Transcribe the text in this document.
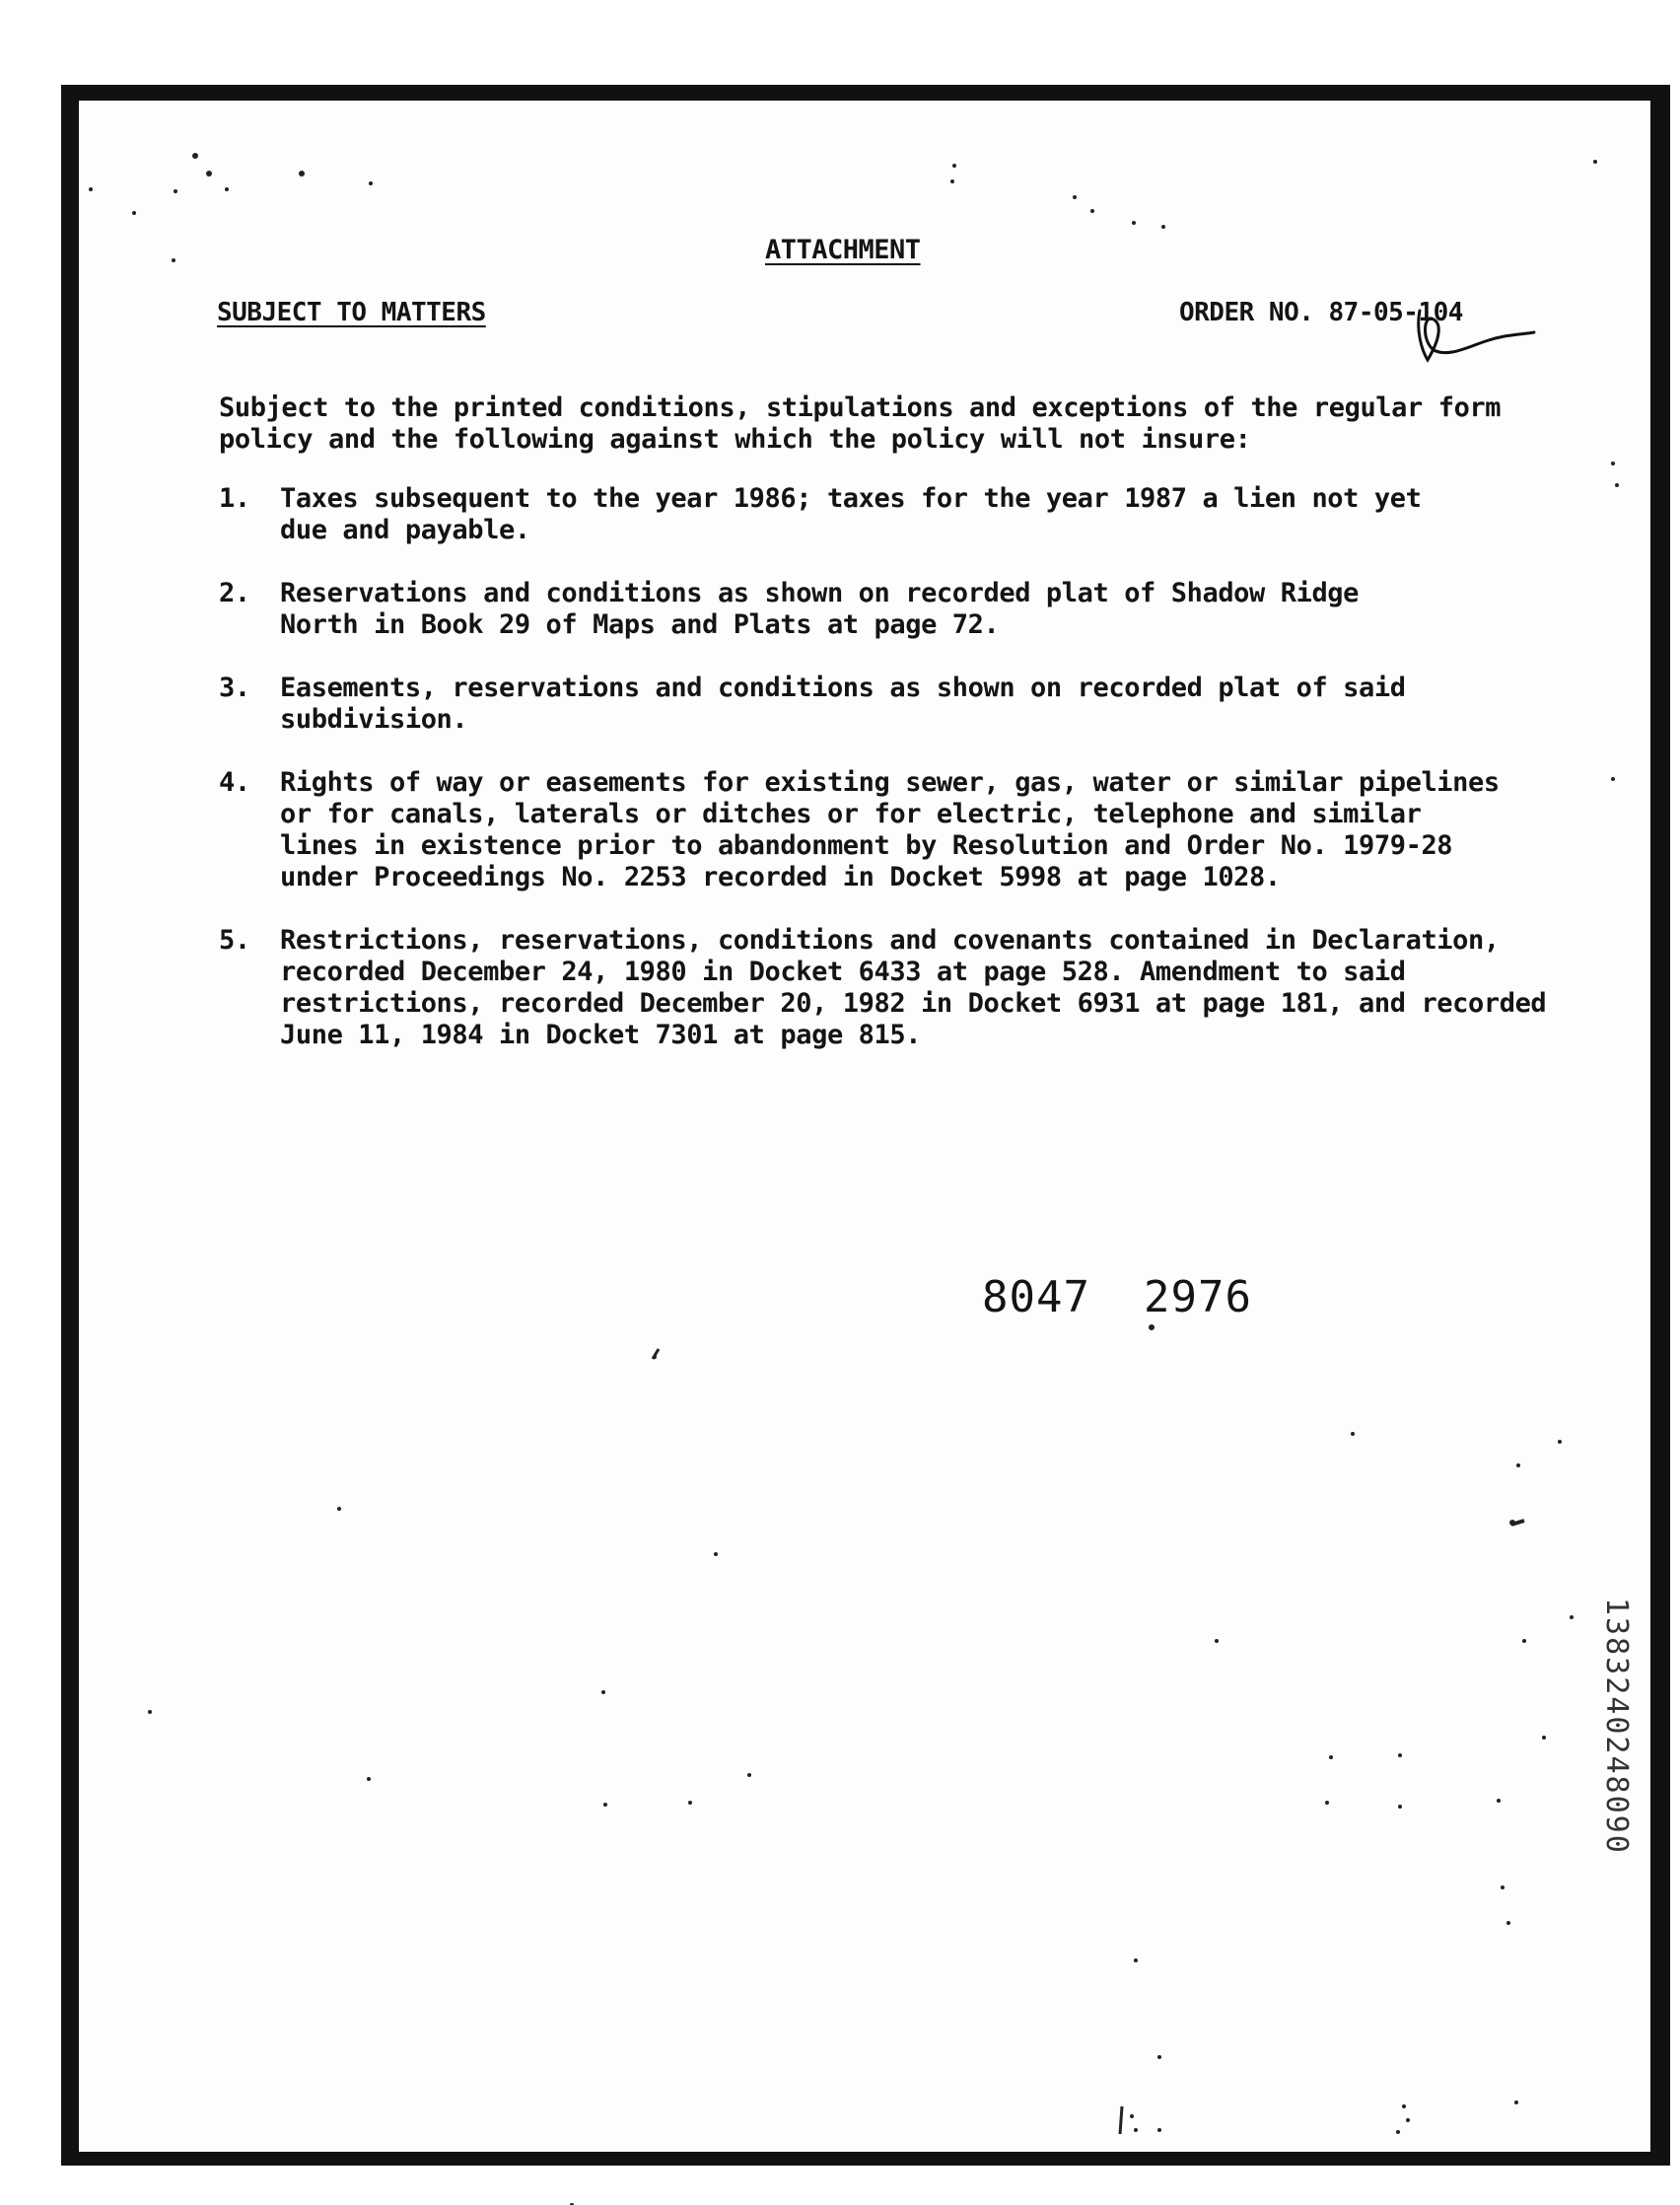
ATTACHMENT
SUBJECT TO MATTERS	ORDER NO. 87-05-104
Subject to the printed conditions, stipulations and exceptions of the regular form policy and the following against which the policy will not insure:
1.	Taxes subsequent to the year 1986; taxes for the year 1987 a lien not yet due and payable.
2.	Reservations and conditions as shown on recorded plat of Shadow Ridge North in Book 29 of Maps and Plats at page 72.
3.	Easements, reservations and conditions as shown on recorded plat of said subdivision.
4.	Rights of way or easements for existing sewer, gas, water or similar pipelines or for canals, laterals or ditches or for electric, telephone and similar lines in existence prior to abandonment by Resolution and Order No. 1979-28 under Proceedings No. 2253 recorded in Docket 5998 at page 1028.
5.	Restrictions, reservations, conditions and covenants contained in Declaration, recorded December 24, 1980 in Docket 6433 at page 528. Amendment to said restrictions, recorded December 20, 1982 in Docket 6931 at page 181, and recorded June 11, 1984 in Docket 7301 at page 815.
8047 2976
1383240248090
